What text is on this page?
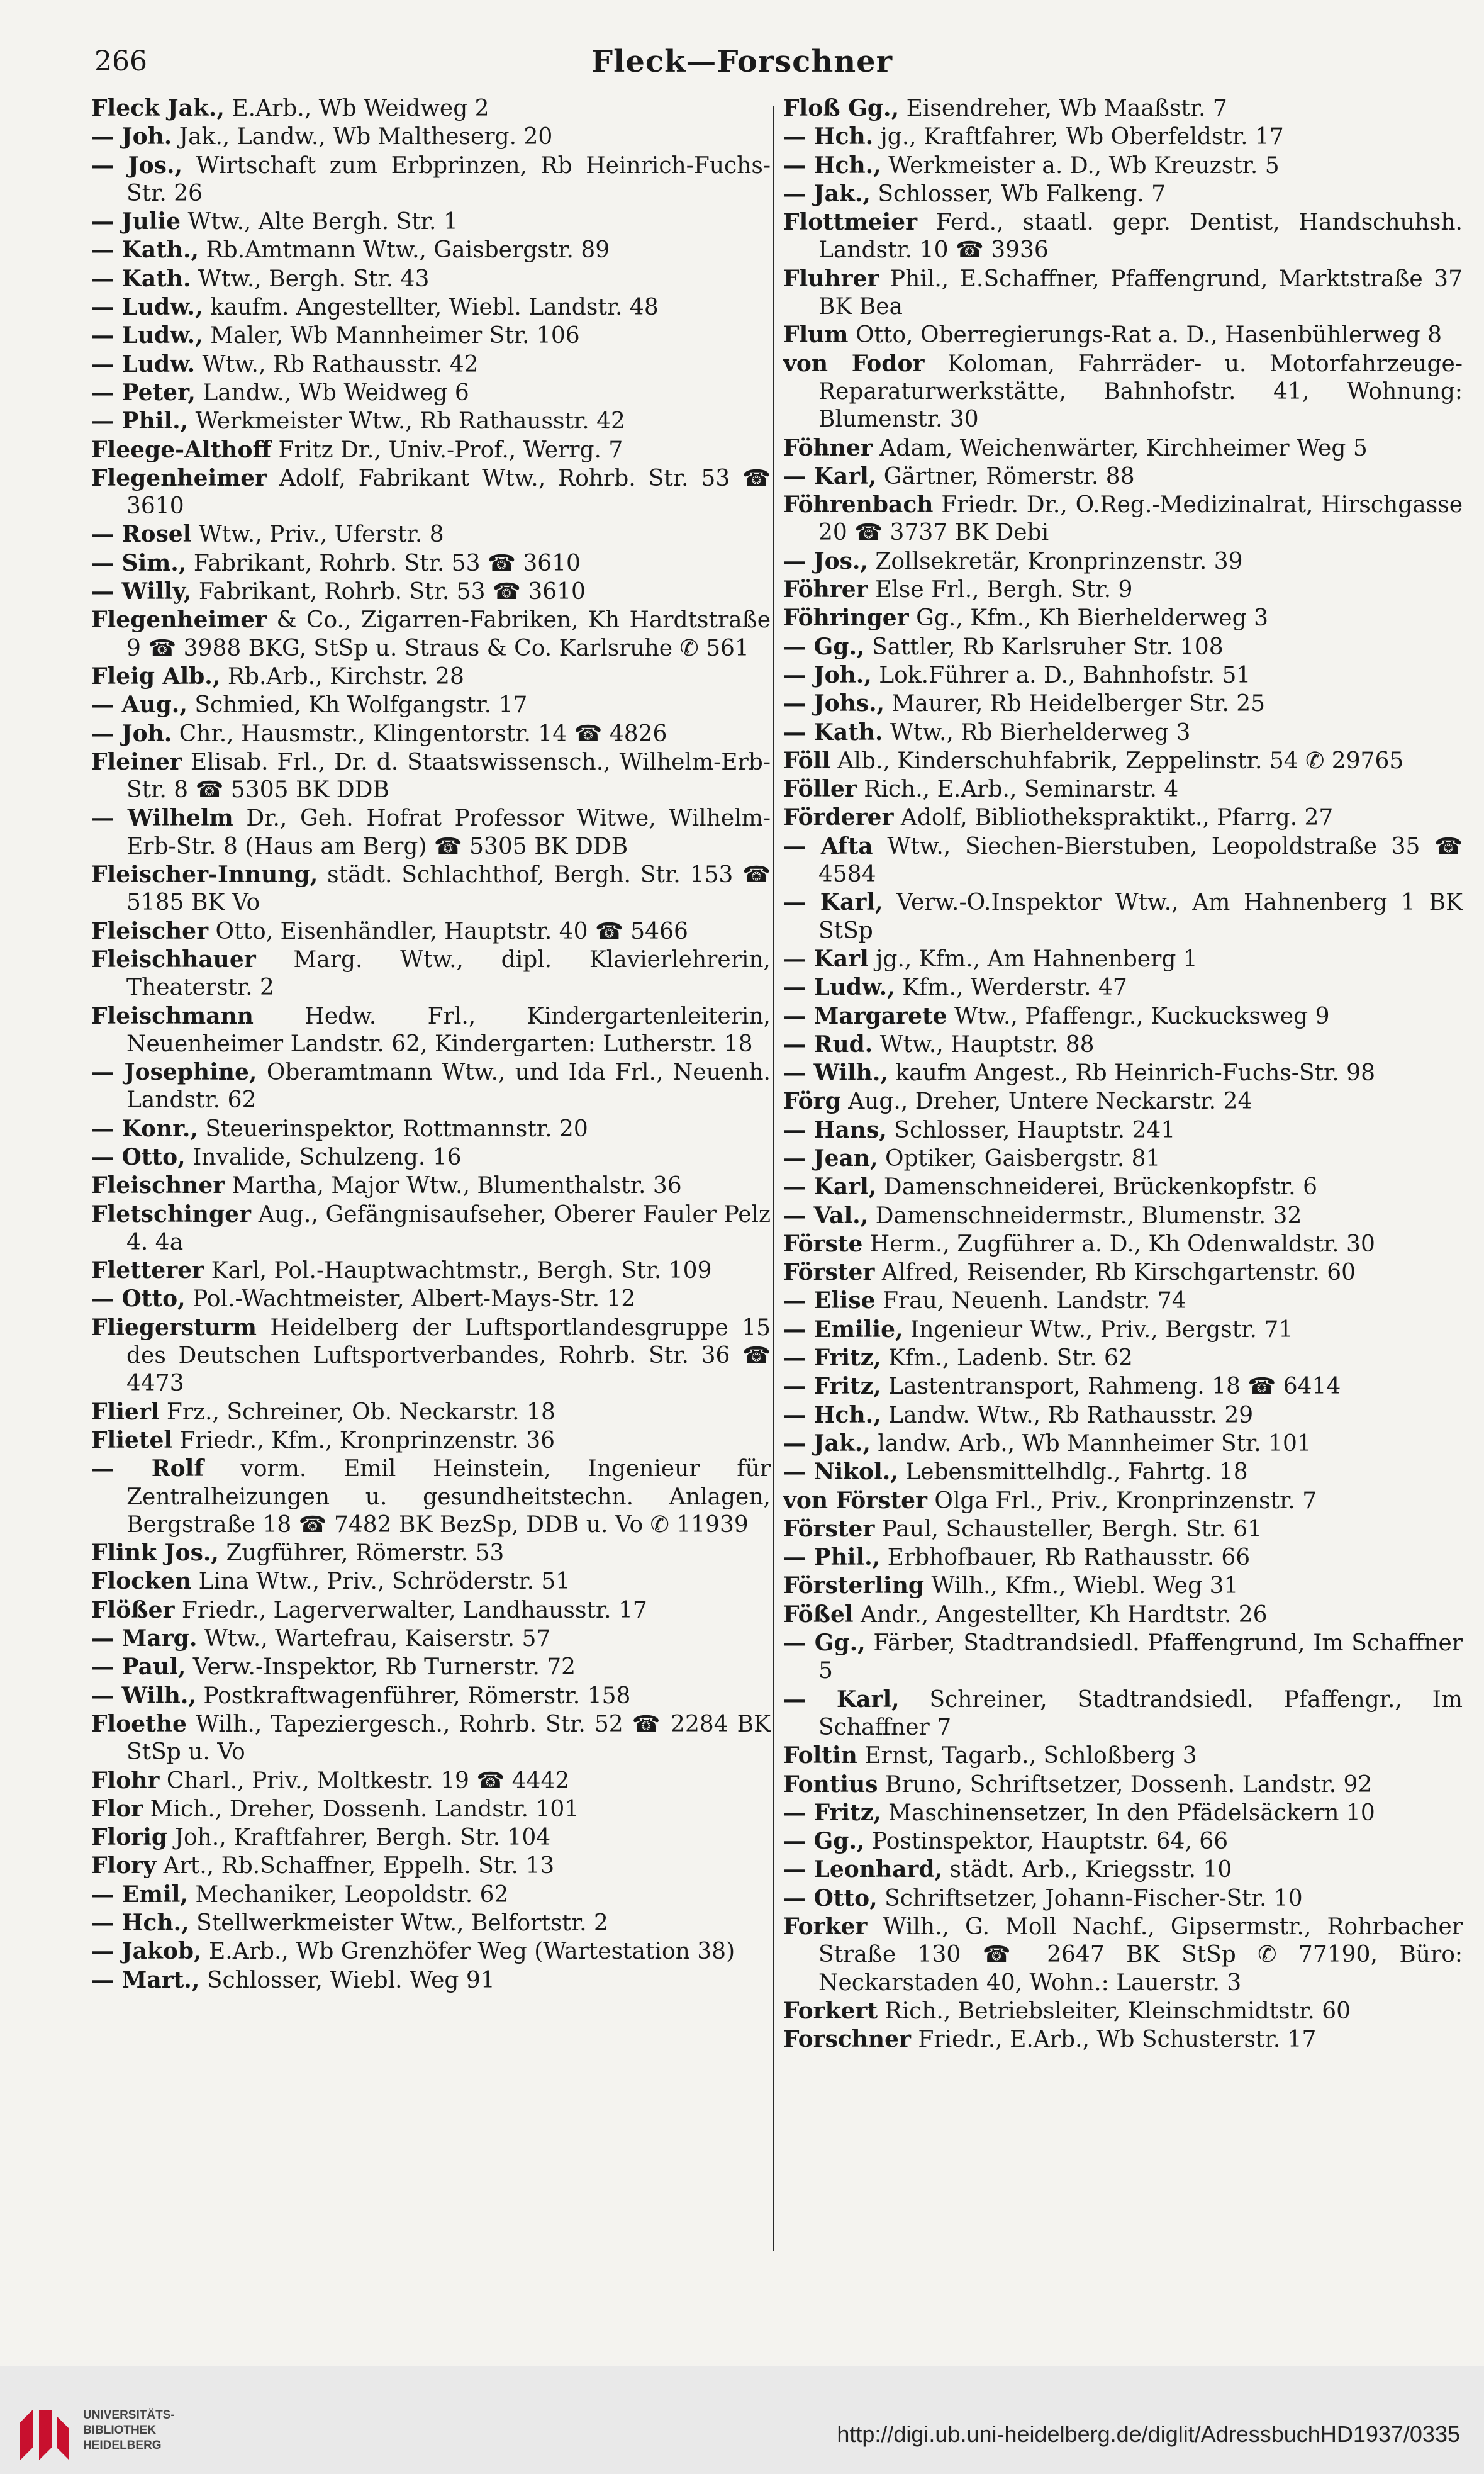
266	Fleck—Forschner
Fleck Jak., E.Arb., Wb Weidweg 2
— Joh. Jak., Landw., Wb Maltheserg. 20
— Jos., Wirtschaft zum Erbprinzen, Rb Heinrich-Fuchs-Str. 26
— Julie Wtw., Alte Bergh. Str. 1
— Kath., Rb.Amtmann Wtw., Gaisbergstr. 89
— Kath. Wtw., Bergh. Str. 43
— Ludw., kaufm. Angestellter, Wiebl. Landstr. 48
— Ludw., Maler, Wb Mannheimer Str. 106
— Ludw. Wtw., Rb Rathausstr. 42
— Peter, Landw., Wb Weidweg 6
— Phil., Werkmeister Wtw., Rb Rathausstr. 42
Fleege-Althoff Fritz Dr., Univ.-Prof., Werrg. 7
Flegenheimer Adolf, Fabrikant Wtw., Rohrb. Str. 53 ☎ 3610
— Rosel Wtw., Priv., Uferstr. 8
— Sim., Fabrikant, Rohrb. Str. 53 ☎ 3610
— Willy, Fabrikant, Rohrb. Str. 53 ☎ 3610
Flegenheimer & Co., Zigarren-Fabriken, Kh Hardtstraße 9 ☎ 3988 BKG, StSp u. Straus & Co. Karlsruhe ✆ 561
Fleig Alb., Rb.Arb., Kirchstr. 28
— Aug., Schmied, Kh Wolfgangstr. 17
— Joh. Chr., Hausmstr., Klingentorstr. 14 ☎ 4826
Fleiner Elisab. Frl., Dr. d. Staatswissensch., Wilhelm-Erb-Str. 8 ☎ 5305 BK DDB
— Wilhelm Dr., Geh. Hofrat Professor Witwe, Wilhelm-Erb-Str. 8 (Haus am Berg) ☎ 5305 BK DDB
Fleischer-Innung, städt. Schlachthof, Bergh. Str. 153 ☎ 5185 BK Vo
Fleischer Otto, Eisenhändler, Hauptstr. 40 ☎ 5466
Fleischhauer Marg. Wtw., dipl. Klavierlehrerin, Theaterstr. 2
Fleischmann Hedw. Frl., Kindergartenleiterin, Neuenheimer Landstr. 62, Kindergarten: Lutherstr. 18
— Josephine, Oberamtmann Wtw., und Ida Frl., Neuenh. Landstr. 62
— Konr., Steuerinspektor, Rottmannstr. 20
— Otto, Invalide, Schulzeng. 16
Fleischner Martha, Major Wtw., Blumenthalstr. 36
Fletschinger Aug., Gefängnisaufseher, Oberer Fauler Pelz 4. 4a
Fletterer Karl, Pol.-Hauptwachtmstr., Bergh. Str. 109
— Otto, Pol.-Wachtmeister, Albert-Mays-Str. 12
Fliegersturm Heidelberg der Luftsportlandesgruppe 15 des Deutschen Luftsportverbandes, Rohrb. Str. 36 ☎ 4473
Flierl Frz., Schreiner, Ob. Neckarstr. 18
Flietel Friedr., Kfm., Kronprinzenstr. 36
— Rolf vorm. Emil Heinstein, Ingenieur für Zentralheizungen u. gesundheitstechn. Anlagen, Bergstraße 18 ☎ 7482 BK BezSp, DDB u. Vo ✆ 11939
Flink Jos., Zugführer, Römerstr. 53
Flocken Lina Wtw., Priv., Schröderstr. 51
Flößer Friedr., Lagerverwalter, Landhausstr. 17
— Marg. Wtw., Wartefrau, Kaiserstr. 57
— Paul, Verw.-Inspektor, Rb Turnerstr. 72
— Wilh., Postkraftwagenführer, Römerstr. 158
Floethe Wilh., Tapeziergesch., Rohrb. Str. 52 ☎ 2284 BK StSp u. Vo
Flohr Charl., Priv., Moltkestr. 19 ☎ 4442
Flor Mich., Dreher, Dossenh. Landstr. 101
Florig Joh., Kraftfahrer, Bergh. Str. 104
Flory Art., Rb.Schaffner, Eppelh. Str. 13
— Emil, Mechaniker, Leopoldstr. 62
— Hch., Stellwerkmeister Wtw., Belfortstr. 2
— Jakob, E.Arb., Wb Grenzhöfer Weg (Wartestation 38)
— Mart., Schlosser, Wiebl. Weg 91
Floß Gg., Eisendreher, Wb Maaßstr. 7
— Hch. jg., Kraftfahrer, Wb Oberfeldstr. 17
— Hch., Werkmeister a. D., Wb Kreuzstr. 5
— Jak., Schlosser, Wb Falkeng. 7
Flottmeier Ferd., staatl. gepr. Dentist, Handschuhsh. Landstr. 10 ☎ 3936
Fluhrer Phil., E.Schaffner, Pfaffengrund, Marktstraße 37 BK Bea
Flum Otto, Oberregierungs-Rat a. D., Hasenbühlerweg 8
von Fodor Koloman, Fahrräder- u. Motorfahrzeuge-Reparaturwerkstätte, Bahnhofstr. 41, Wohnung: Blumenstr. 30
Föhner Adam, Weichenwärter, Kirchheimer Weg 5
— Karl, Gärtner, Römerstr. 88
Föhrenbach Friedr. Dr., O.Reg.-Medizinalrat, Hirschgasse 20 ☎ 3737 BK Debi
— Jos., Zollsekretär, Kronprinzenstr. 39
Föhrer Else Frl., Bergh. Str. 9
Föhringer Gg., Kfm., Kh Bierhelderweg 3
— Gg., Sattler, Rb Karlsruher Str. 108
— Joh., Lok.Führer a. D., Bahnhofstr. 51
— Johs., Maurer, Rb Heidelberger Str. 25
— Kath. Wtw., Rb Bierhelderweg 3
Föll Alb., Kinderschuhfabrik, Zeppelinstr. 54 ✆ 29765
Föller Rich., E.Arb., Seminarstr. 4
Förderer Adolf, Bibliothekspraktikt., Pfarrg. 27
— Afta Wtw., Siechen-Bierstuben, Leopoldstraße 35 ☎ 4584
— Karl, Verw.-O.Inspektor Wtw., Am Hahnenberg 1 BK StSp
— Karl jg., Kfm., Am Hahnenberg 1
— Ludw., Kfm., Werderstr. 47
— Margarete Wtw., Pfaffengr., Kuckucksweg 9
— Rud. Wtw., Hauptstr. 88
— Wilh., kaufm Angest., Rb Heinrich-Fuchs-Str. 98
Förg Aug., Dreher, Untere Neckarstr. 24
— Hans, Schlosser, Hauptstr. 241
— Jean, Optiker, Gaisbergstr. 81
— Karl, Damenschneiderei, Brückenkopfstr. 6
— Val., Damenschneidermstr., Blumenstr. 32
Förste Herm., Zugführer a. D., Kh Odenwaldstr. 30
Förster Alfred, Reisender, Rb Kirschgartenstr. 60
— Elise Frau, Neuenh. Landstr. 74
— Emilie, Ingenieur Wtw., Priv., Bergstr. 71
— Fritz, Kfm., Ladenb. Str. 62
— Fritz, Lastentransport, Rahmeng. 18 ☎ 6414
— Hch., Landw. Wtw., Rb Rathausstr. 29
— Jak., landw. Arb., Wb Mannheimer Str. 101
— Nikol., Lebensmittelhdlg., Fahrtg. 18
von Förster Olga Frl., Priv., Kronprinzenstr. 7
Förster Paul, Schausteller, Bergh. Str. 61
— Phil., Erbhofbauer, Rb Rathausstr. 66
Försterling Wilh., Kfm., Wiebl. Weg 31
Fößel Andr., Angestellter, Kh Hardtstr. 26
— Gg., Färber, Stadtrandsiedl. Pfaffengrund, Im Schaffner 5
— Karl, Schreiner, Stadtrandsiedl. Pfaffengr., Im Schaffner 7
Foltin Ernst, Tagarb., Schloßberg 3
Fontius Bruno, Schriftsetzer, Dossenh. Landstr. 92
— Fritz, Maschinensetzer, In den Pfädelsäckern 10
— Gg., Postinspektor, Hauptstr. 64, 66
— Leonhard, städt. Arb., Kriegsstr. 10
— Otto, Schriftsetzer, Johann-Fischer-Str. 10
Forker Wilh., G. Moll Nachf., Gipsermstr., Rohrbacher Straße 130 ☎ 2647 BK StSp ✆ 77190, Büro: Neckarstaden 40, Wohn.: Lauerstr. 3
Forkert Rich., Betriebsleiter, Kleinschmidtstr. 60
Forschner Friedr., E.Arb., Wb Schusterstr. 17
UNIVERSITÄTS-
BIBLIOTHEK
HEIDELBERG	http://digi.ub.uni-heidelberg.de/diglit/AdressbuchHD1937/0335
